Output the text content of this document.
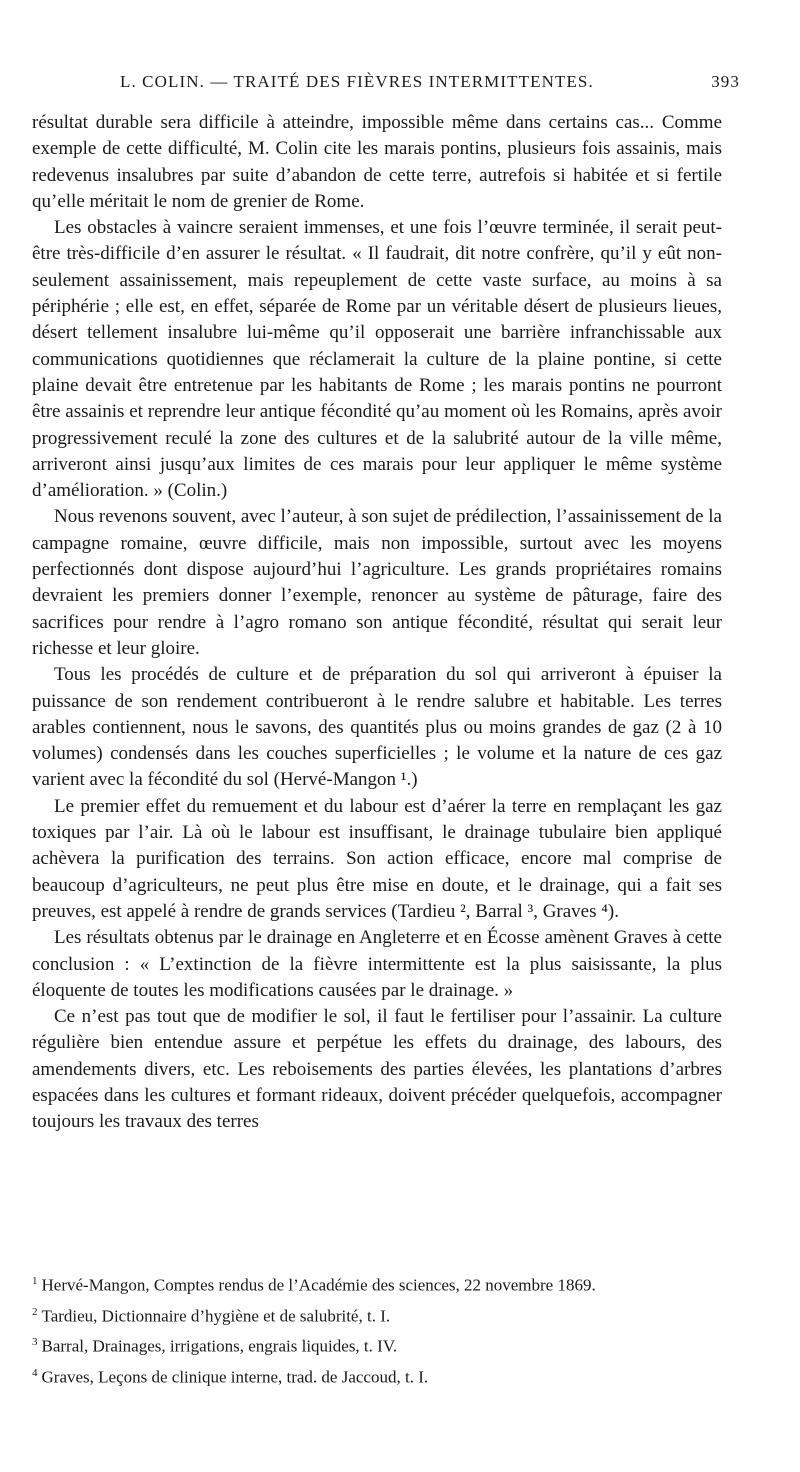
L. COLIN. — TRAITÉ DES FIÈVRES INTERMITTENTES.	393

résultat durable sera difficile à atteindre, impossible même dans certains cas... Comme exemple de cette difficulté, M. Colin cite les marais pontins, plusieurs fois assainis, mais redevenus insalubres par suite d’abandon de cette terre, autrefois si habitée et si fertile qu’elle méritait le nom de grenier de Rome.

Les obstacles à vaincre seraient immenses, et une fois l’œuvre terminée, il serait peut-être très-difficile d’en assurer le résultat. « Il faudrait, dit notre confrère, qu’il y eût non-seulement assainissement, mais repeuplement de cette vaste surface, au moins à sa périphérie ; elle est, en effet, séparée de Rome par un véritable désert de plusieurs lieues, désert tellement insalubre lui-même qu’il opposerait une barrière infranchissable aux communications quotidiennes que réclamerait la culture de la plaine pontine, si cette plaine devait être entretenue par les habitants de Rome ; les marais pontins ne pourront être assainis et reprendre leur antique fécondité qu’au moment où les Romains, après avoir progressivement reculé la zone des cultures et de la salubrité autour de la ville même, arriveront ainsi jusqu’aux limites de ces marais pour leur appliquer le même système d’amélioration. » (Colin.)

Nous revenons souvent, avec l’auteur, à son sujet de prédilection, l’assainissement de la campagne romaine, œuvre difficile, mais non impossible, surtout avec les moyens perfectionnés dont dispose aujourd’hui l’agriculture. Les grands propriétaires romains devraient les premiers donner l’exemple, renoncer au système de pâturage, faire des sacrifices pour rendre à l’agro romano son antique fécondité, résultat qui serait leur richesse et leur gloire.

Tous les procédés de culture et de préparation du sol qui arriveront à épuiser la puissance de son rendement contribueront à le rendre salubre et habitable. Les terres arables contiennent, nous le savons, des quantités plus ou moins grandes de gaz (2 à 10 volumes) condensés dans les couches superficielles ; le volume et la nature de ces gaz varient avec la fécondité du sol (Hervé-Mangon ¹.)

Le premier effet du remuement et du labour est d’aérer la terre en remplaçant les gaz toxiques par l’air. Là où le labour est insuffisant, le drainage tubulaire bien appliqué achèvera la purification des terrains. Son action efficace, encore mal comprise de beaucoup d’agriculteurs, ne peut plus être mise en doute, et le drainage, qui a fait ses preuves, est appelé à rendre de grands services (Tardieu ², Barral ³, Graves ⁴).

Les résultats obtenus par le drainage en Angleterre et en Écosse amènent Graves à cette conclusion : « L’extinction de la fièvre intermittente est la plus saisissante, la plus éloquente de toutes les modifications causées par le drainage. »

Ce n’est pas tout que de modifier le sol, il faut le fertiliser pour l’assainir. La culture régulière bien entendue assure et perpétue les effets du drainage, des labours, des amendements divers, etc. Les reboisements des parties élevées, les plantations d’arbres espacées dans les cultures et formant rideaux, doivent précéder quelquefois, accompagner toujours les travaux des terres

$^1$ Hervé-Mangon, Comptes rendus de l’Académie des sciences, 22 novembre 1869.

$^2$ Tardieu, Dictionnaire d’hygiène et de salubrité, t. I.

$^3$ Barral, Drainages, irrigations, engrais liquides, t. IV.

$^4$ Graves, Leçons de clinique interne, trad. de Jaccoud, t. I.
